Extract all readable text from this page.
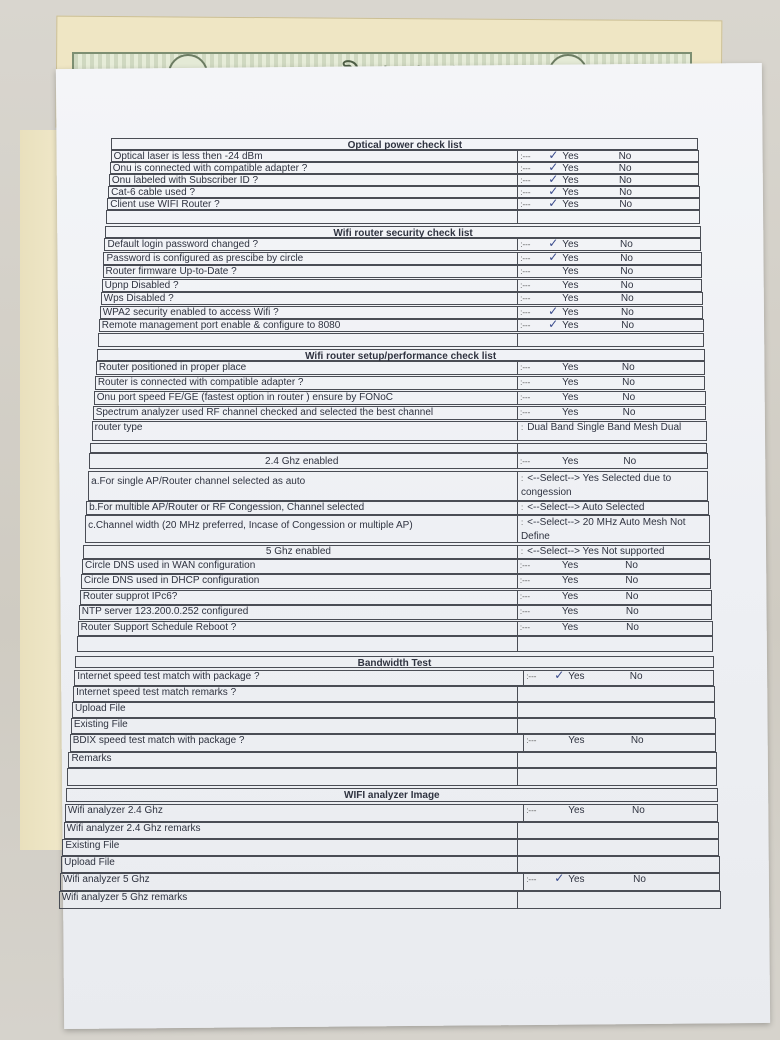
Optical power check list
Optical laser is less then -24 dBm	:--- ✓ Yes	No
Onu is connected with compatible adapter ?	:--- ✓ Yes	No
Onu labeled with Subscriber ID ?	:--- ✓ Yes	No
Cat-6 cable used ?	:--- ✓ Yes	No
Client use WIFI Router ?	:--- ✓ Yes	No
Wifi router security check list
Default login password changed ?	:--- ✓ Yes	No
Password is configured as prescibe by circle	:--- ✓ Yes	No
Router firmware Up-to-Date ?	:---	Yes	No
Upnp Disabled ?	:---	Yes	No
Wps Disabled ?	:---	Yes	No
WPA2 security enabled to access Wifi ?	:--- ✓ Yes	No
Remote management port enable & configure to 8080	:--- ✓ Yes	No
Wifi router setup/performance check list
Router positioned in proper place	:---	Yes	No
Router is connected with compatible adapter ?	:---	Yes	No
Onu port speed FE/GE (fastest option in router ) ensure by FONoC	:---	Yes	No
Spectrum analyzer used RF channel checked and selected the best channel	:---	Yes	No
router type	: Dual Band Single Band Mesh Dual
2.4 Ghz enabled	:---	Yes	No
a.For single AP/Router channel selected as auto	: <--Select--> Yes Selected due to congession
b.For multible AP/Router or RF Congession, Channel selected	: <--Select--> Auto Selected
c.Channel width (20 MHz preferred, Incase of Congession or multiple AP)	: <--Select--> 20 MHz Auto Mesh Not Define
5 Ghz enabled	: <--Select--> Yes Not supported
Circle DNS used in WAN configuration	:---	Yes	No
Circle DNS used in DHCP configuration	:---	Yes	No
Router supprot IPc6?	:---	Yes	No
NTP server 123.200.0.252 configured	:---	Yes	No
Router Support Schedule Reboot ?	:---	Yes	No
Bandwidth Test
Internet speed test match with package ?	:--- ✓ Yes	No
Internet speed test match remarks ?
Upload File
Existing File
BDIX speed test match with package ?	:---	Yes	No
Remarks
WIFI analyzer Image
Wifi analyzer 2.4 Ghz	:---	Yes	No
Wifi analyzer 2.4 Ghz remarks
Existing File
Upload File
Wifi analyzer 5 Ghz	:--- ✓ Yes	No
Wifi analyzer 5 Ghz remarks
